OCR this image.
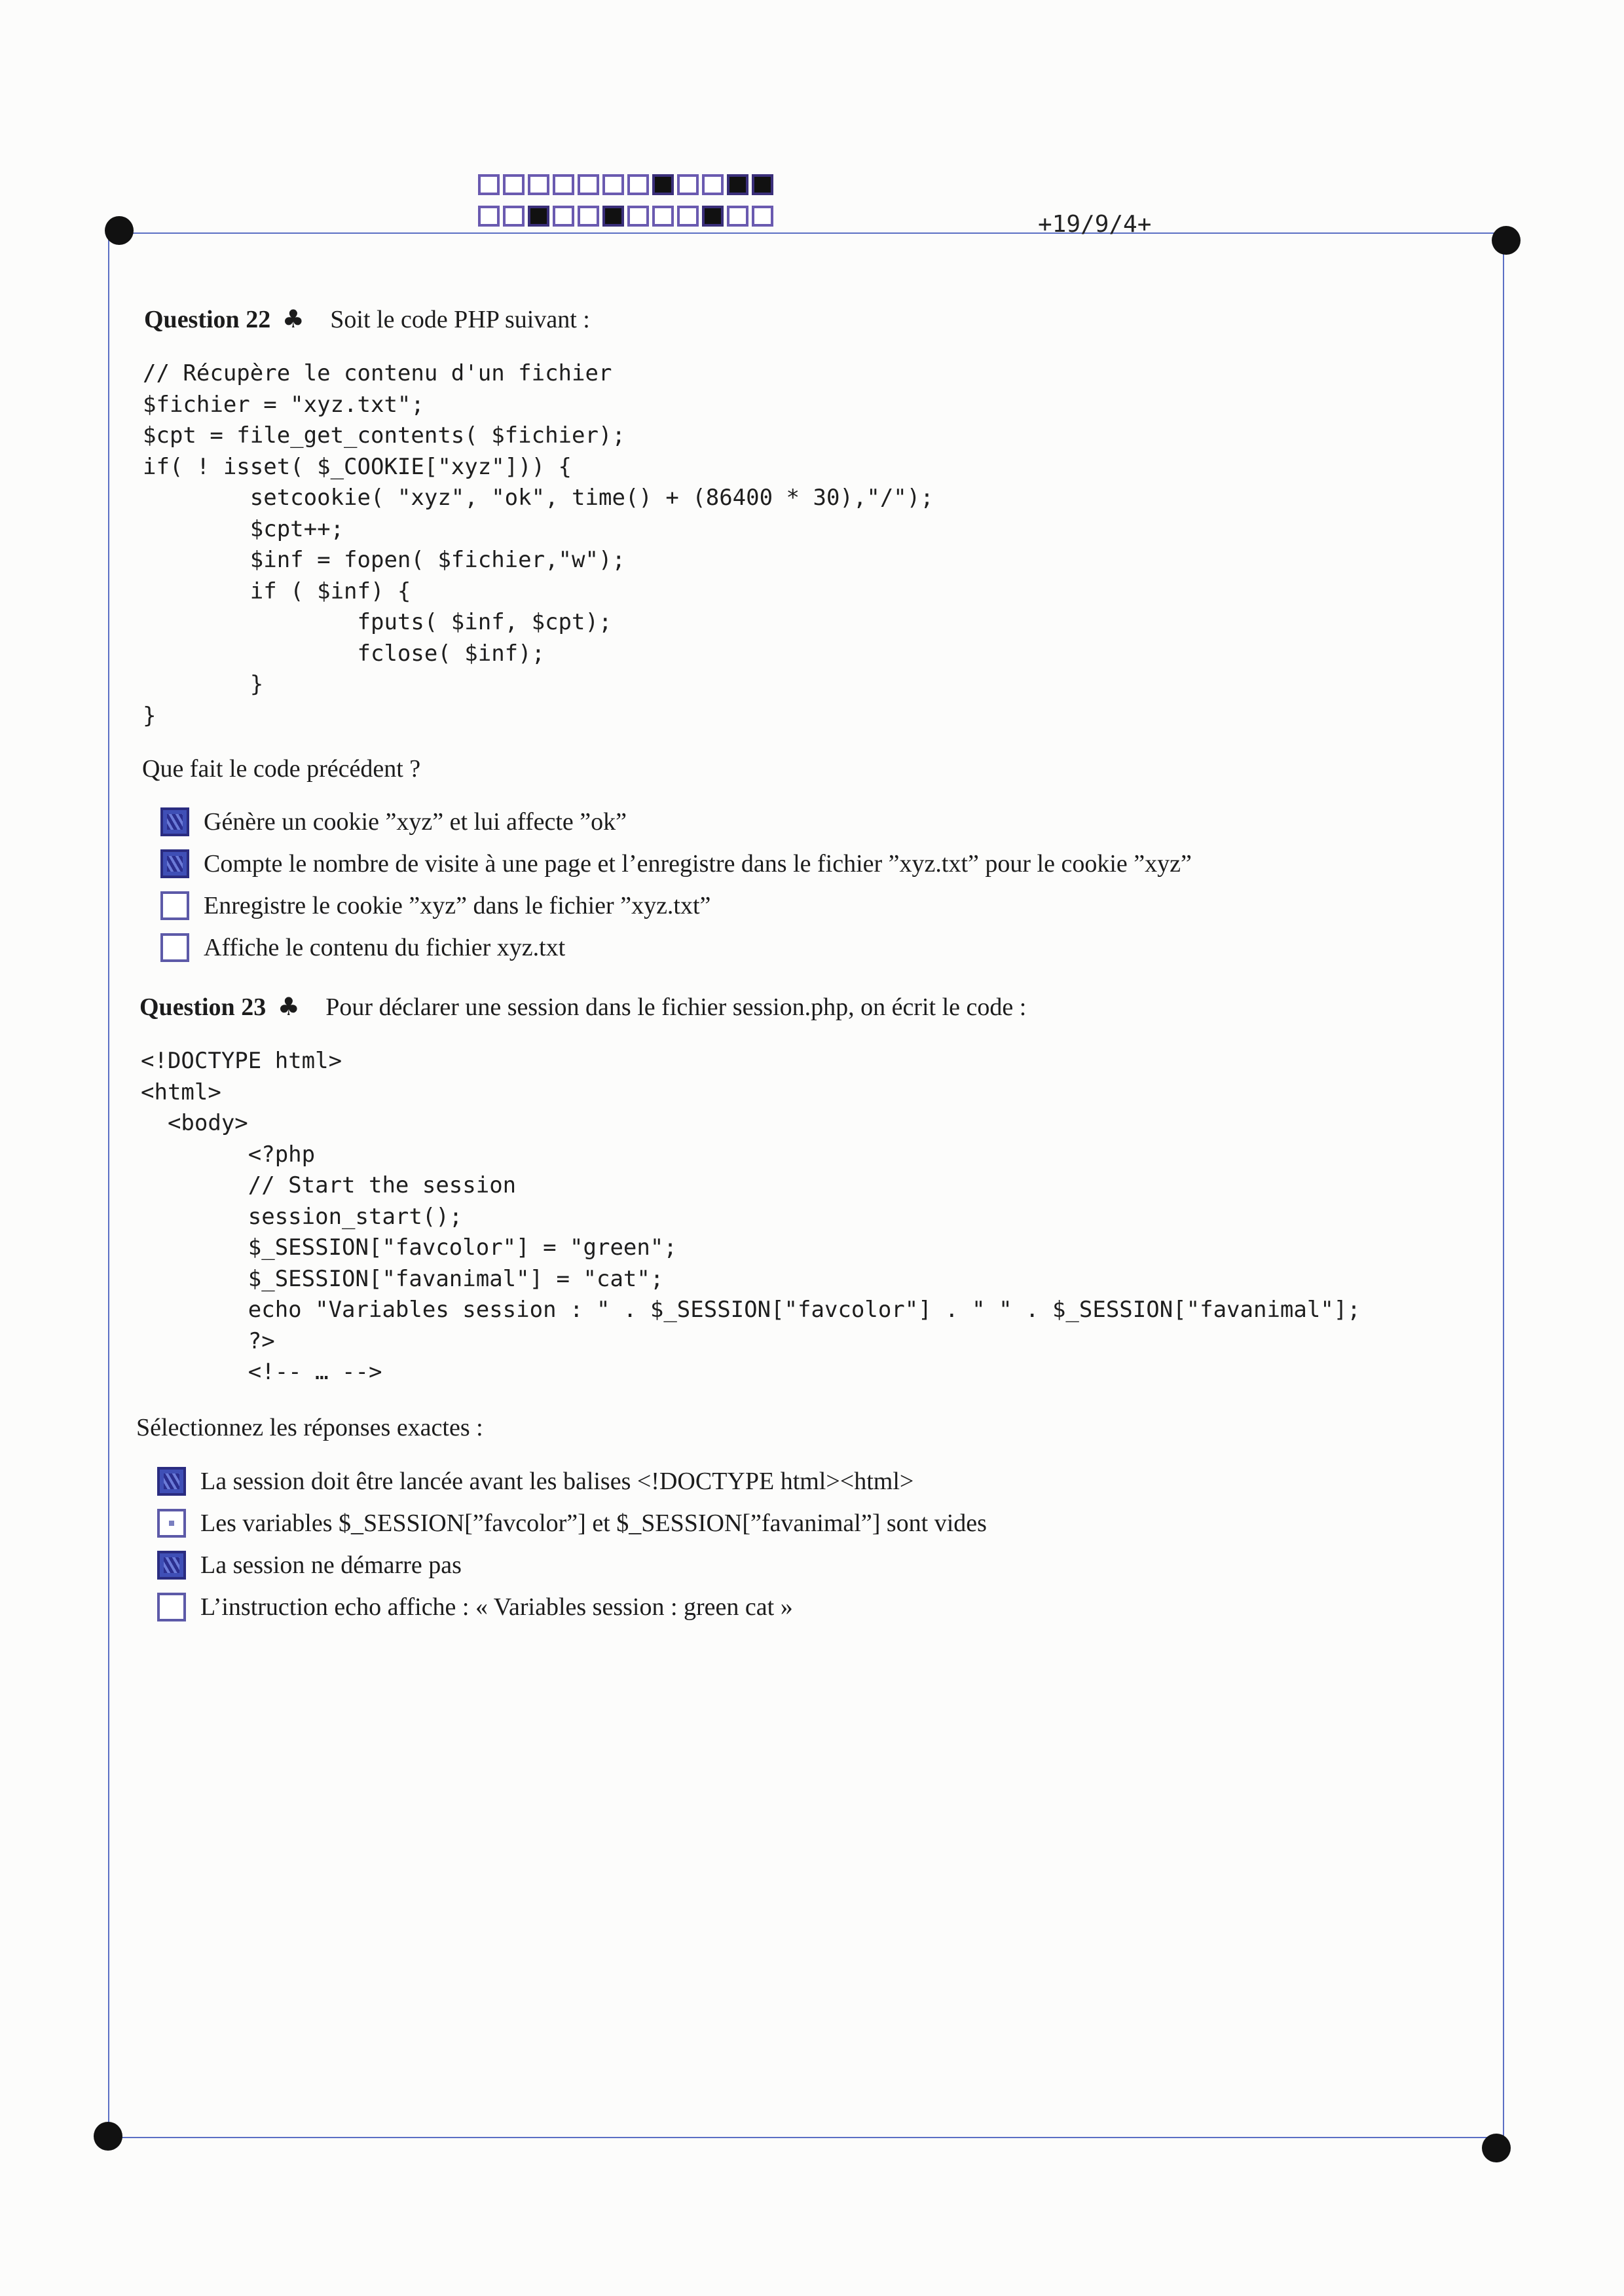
+19/9/4+
Question 22 ♣ Soit le code PHP suivant :
// Récupère le contenu d'un fichier
$fichier = "xyz.txt";
$cpt = file_get_contents( $fichier);
if( ! isset( $_COOKIE["xyz"])) {
setcookie( "xyz", "ok", time() + (86400 * 30),"/");
$cpt++;
$inf = fopen( $fichier,"w");
if ( $inf) {
fputs( $inf, $cpt);
fclose( $inf);
}
}
Que fait le code précédent ?
Génère un cookie ”xyz” et lui affecte ”ok”
Compte le nombre de visite à une page et l’enregistre dans le fichier ”xyz.txt” pour le cookie ”xyz”
Enregistre le cookie ”xyz” dans le fichier ”xyz.txt”
Affiche le contenu du fichier xyz.txt
Question 23 ♣ Pour déclarer une session dans le fichier session.php, on écrit le code :
<!DOCTYPE html>
<html>
<body>
<?php
// Start the session
session_start();
$_SESSION["favcolor"] = "green";
$_SESSION["favanimal"] = "cat";
echo "Variables session : " . $_SESSION["favcolor"] . " " . $_SESSION["favanimal"];
?>
<!-- … -->
Sélectionnez les réponses exactes :
La session doit être lancée avant les balises <!DOCTYPE html><html>
Les variables $_SESSION[”favcolor”] et $_SESSION[”favanimal”] sont vides
La session ne démarre pas
L’instruction echo affiche : « Variables session : green cat »
